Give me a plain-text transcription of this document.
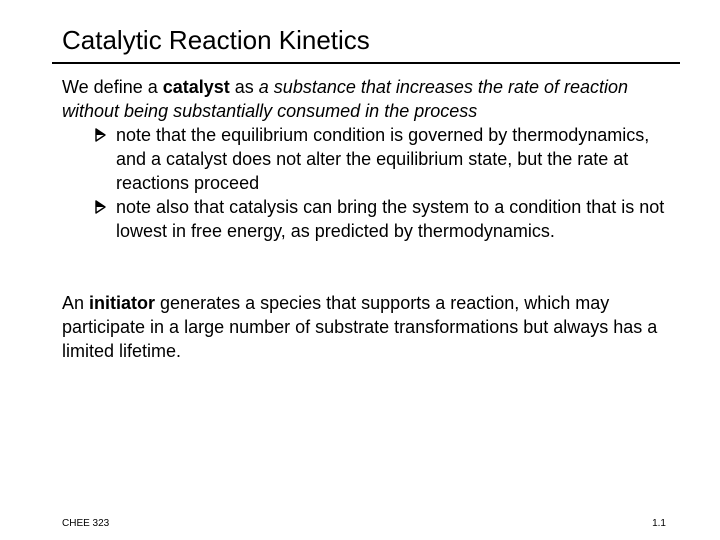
Catalytic Reaction Kinetics
We define a catalyst as a substance that increases the rate of reaction without being substantially consumed in the process
note that the equilibrium condition is governed by thermodynamics, and a catalyst does not alter the equilibrium state, but the rate at reactions proceed
note also that catalysis can bring the system to a condition that is not lowest in free energy, as predicted by thermodynamics.
An initiator generates a species that supports a reaction, which may participate in a large number of substrate transformations but always has a limited lifetime.
CHEE 323	1.1
